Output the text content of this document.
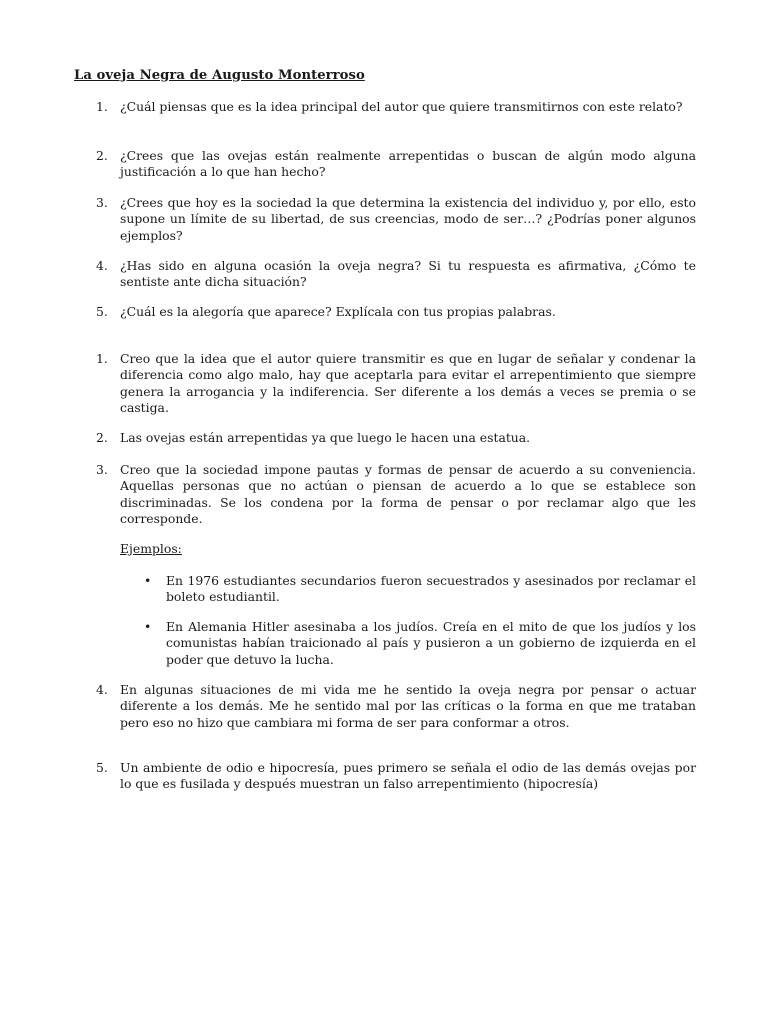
La oveja Negra de Augusto Monterroso
1. ¿Cuál piensas que es la idea principal del autor que quiere transmitirnos con este relato?
2. ¿Crees que las ovejas están realmente arrepentidas o buscan de algún modo alguna justificación a lo que han hecho?
3. ¿Crees que hoy es la sociedad la que determina la existencia del individuo y, por ello, esto supone un límite de su libertad, de sus creencias, modo de ser…? ¿Podrías poner algunos ejemplos?
4. ¿Has sido en alguna ocasión la oveja negra? Si tu respuesta es afirmativa, ¿Cómo te sentiste ante dicha situación?
5. ¿Cuál es la alegoría que aparece? Explícala con tus propias palabras.
1. Creo que la idea que el autor quiere transmitir es que en lugar de señalar y condenar la diferencia como algo malo, hay que aceptarla para evitar el arrepentimiento que siempre genera la arrogancia y la indiferencia. Ser diferente a los demás a veces se premia o se castiga.
2. Las ovejas están arrepentidas ya que luego le hacen una estatua.
3. Creo que la sociedad impone pautas y formas de pensar de acuerdo a su conveniencia. Aquellas personas que no actúan o piensan de acuerdo a lo que se establece son discriminadas. Se los condena por la forma de pensar o por reclamar algo que les corresponde.
Ejemplos:
• En 1976 estudiantes secundarios fueron secuestrados y asesinados por reclamar el boleto estudiantil.
• En Alemania Hitler asesinaba a los judíos. Creía en el mito de que los judíos y los comunistas habían traicionado al país y pusieron a un gobierno de izquierda en el poder que detuvo la lucha.
4. En algunas situaciones de mi vida me he sentido la oveja negra por pensar o actuar diferente a los demás. Me he sentido mal por las críticas o la forma en que me trataban pero eso no hizo que cambiara mi forma de ser para conformar a otros.
5. Un ambiente de odio e hipocresía, pues primero se señala el odio de las demás ovejas por lo que es fusilada y después muestran un falso arrepentimiento (hipocresía)
